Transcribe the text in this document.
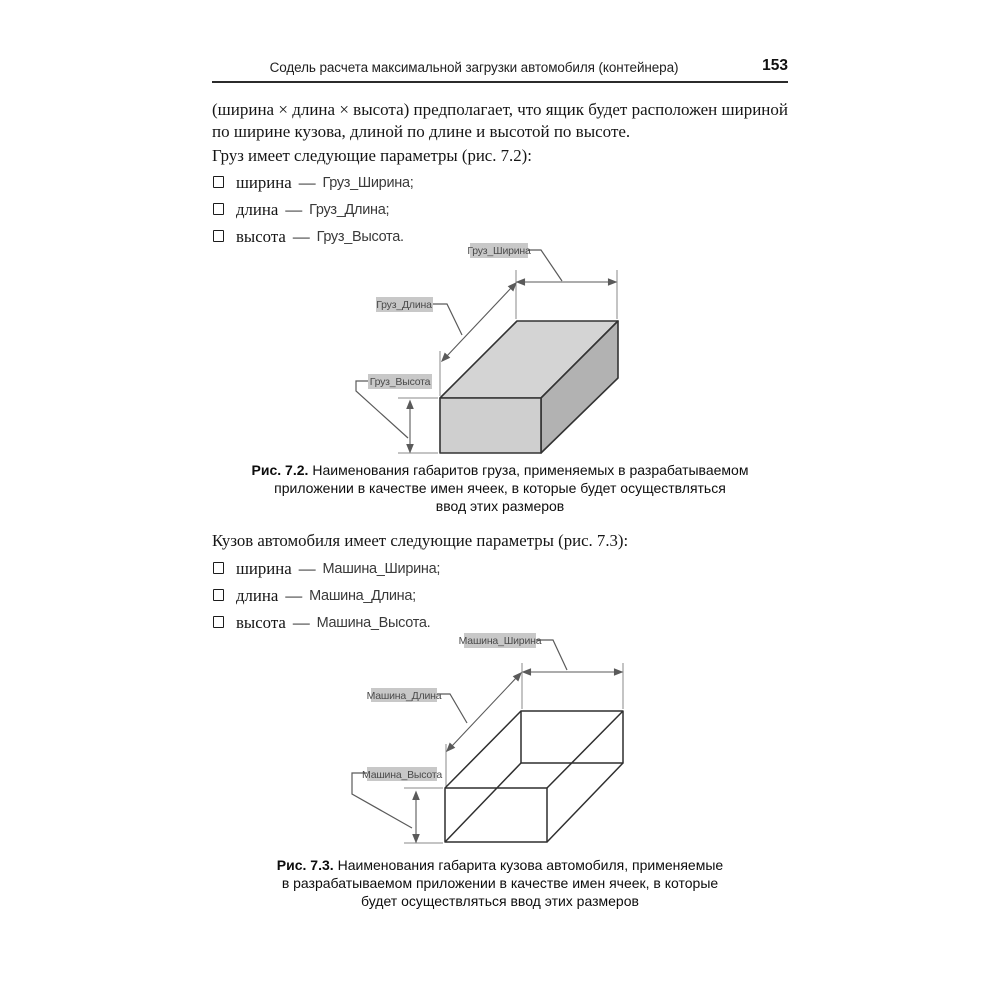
Содель расчета максимальной загрузки автомобиля (контейнера)	153
(ширина × длина × высота) предполагает, что ящик будет расположен шириной по ширине кузова, длиной по длине и высотой по высоте.
Груз имеет следующие параметры (рис. 7.2):
ширина — Груз_Ширина;
длина — Груз_Длина;
высота — Груз_Высота.
Груз_Ширина
Груз_Длина
Груз_Высота
Рис. 7.2. Наименования габаритов груза, применяемых в разрабатываемом
приложении в качестве имен ячеек, в которые будет осуществляться
ввод этих размеров
Кузов автомобиля имеет следующие параметры (рис. 7.3):
ширина — Машина_Ширина;
длина — Машина_Длина;
высота — Машина_Высота.
Машина_Ширина
Машина_Длина
Машина_Высота
Рис. 7.3. Наименования габарита кузова автомобиля, применяемые
в разрабатываемом приложении в качестве имен ячеек, в которые
будет осуществляться ввод этих размеров
